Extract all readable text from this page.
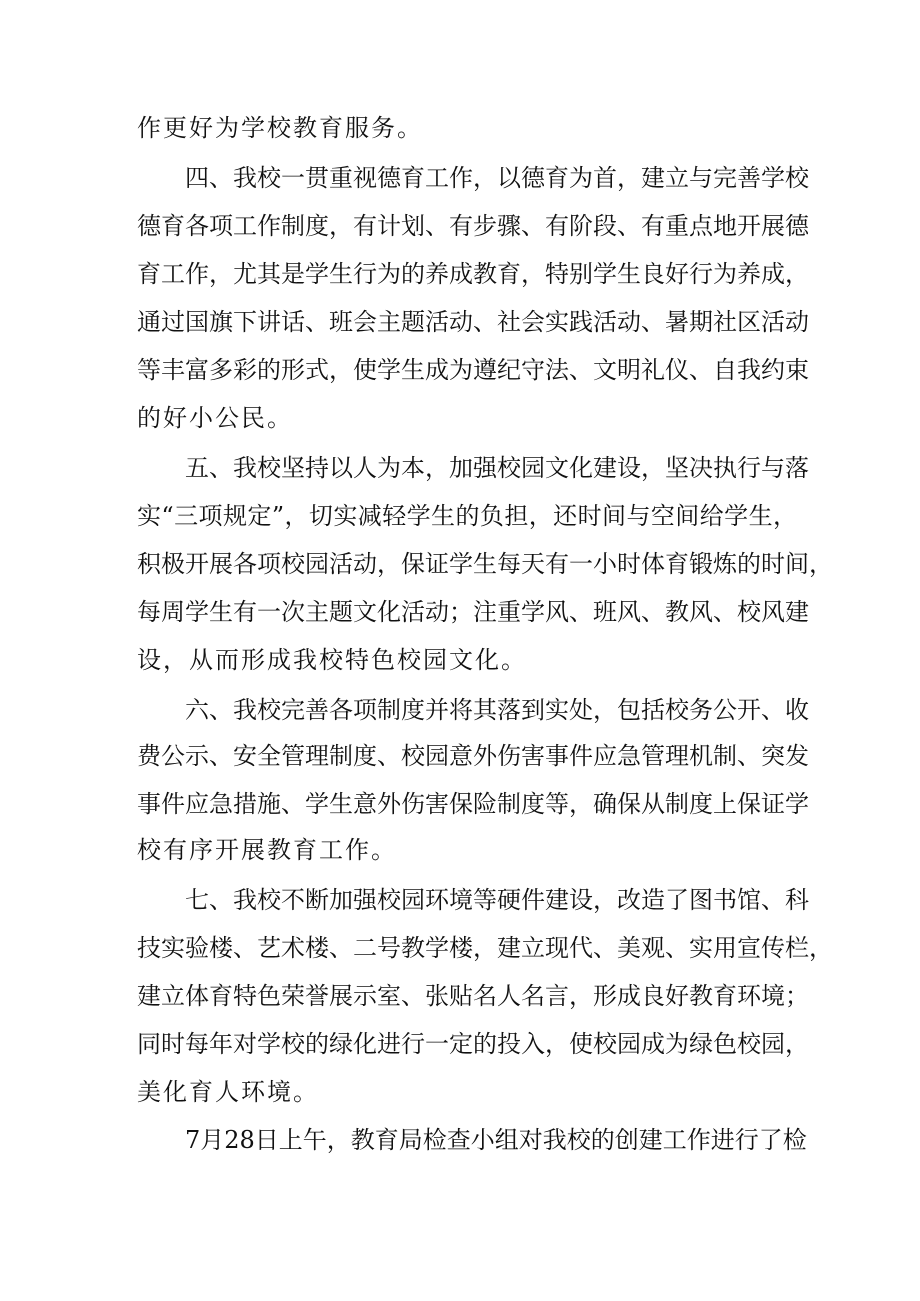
作更好为学校教育服务。
四、我校一贯重视德育工作，以德育为首，建立与完善学校
德育各项工作制度，有计划、有步骤、有阶段、有重点地开展德
育工作，尤其是学生行为的养成教育，特别学生良好行为养成，
通过国旗下讲话、班会主题活动、社会实践活动、暑期社区活动
等丰富多彩的形式，使学生成为遵纪守法、文明礼仪、自我约束
的好小公民。
五、我校坚持以人为本，加强校园文化建设，坚决执行与落
实“三项规定”，切实减轻学生的负担，还时间与空间给学生，
积极开展各项校园活动，保证学生每天有一小时体育锻炼的时间，
每周学生有一次主题文化活动；注重学风、班风、教风、校风建
设，从而形成我校特色校园文化。
六、我校完善各项制度并将其落到实处，包括校务公开、收
费公示、安全管理制度、校园意外伤害事件应急管理机制、突发
事件应急措施、学生意外伤害保险制度等，确保从制度上保证学
校有序开展教育工作。
七、我校不断加强校园环境等硬件建设，改造了图书馆、科
技实验楼、艺术楼、二号教学楼，建立现代、美观、实用宣传栏，
建立体育特色荣誉展示室、张贴名人名言，形成良好教育环境；
同时每年对学校的绿化进行一定的投入，使校园成为绿色校园，
美化育人环境。
7月28日上午，教育局检查小组对我校的创建工作进行了检
